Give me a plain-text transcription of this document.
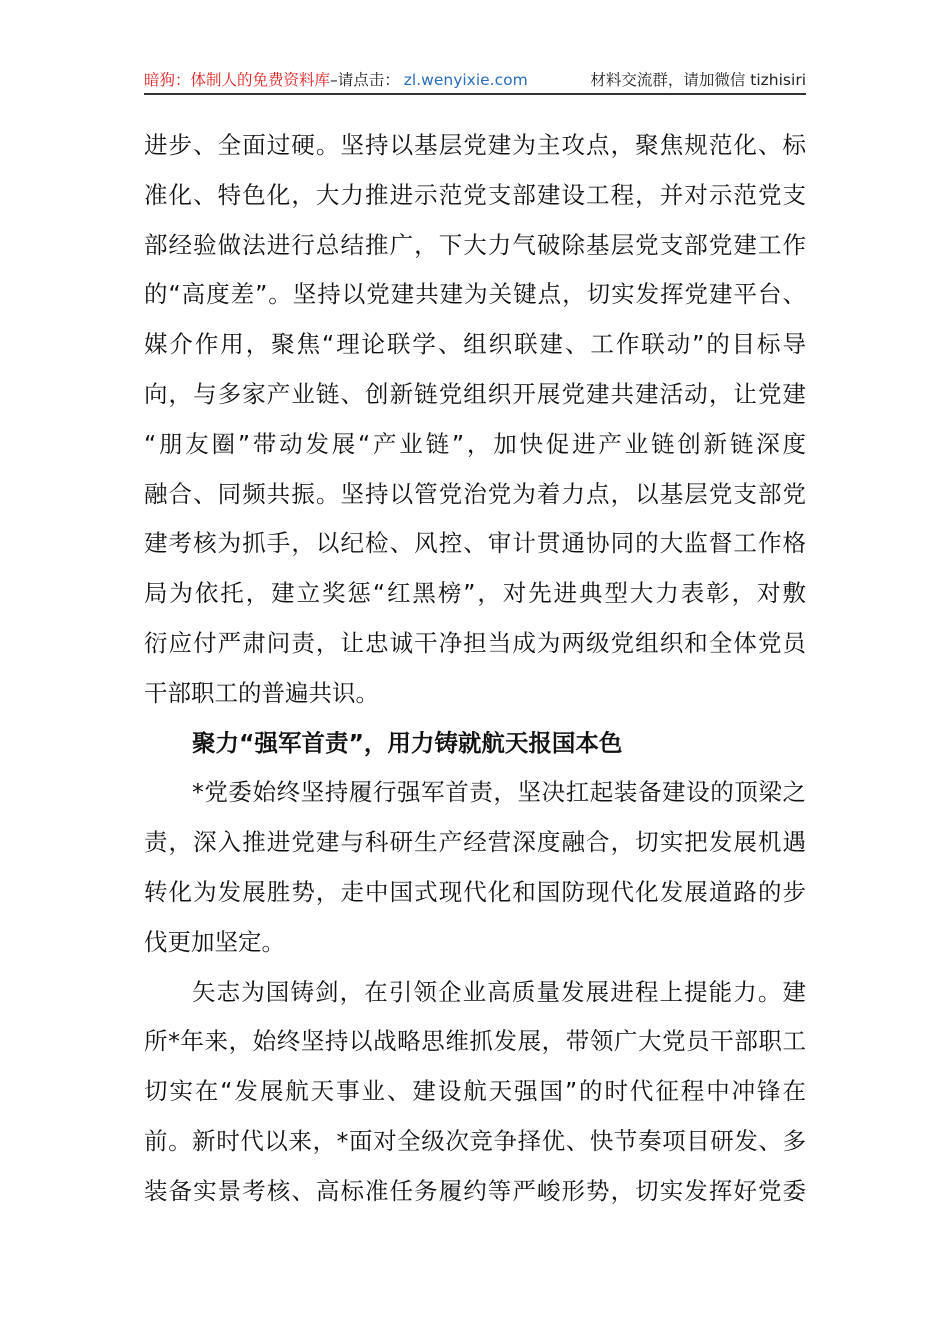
暗狗：体制人的免费资料库 –请点击： zl.wenyixie.com	材料交流群，请加微信 tizhisiri
进步、全面过硬。坚持以基层党建为主攻点，聚焦规范化、标
准化、特色化，大力推进示范党支部建设工程，并对示范党支
部经验做法进行总结推广，下大力气破除基层党支部党建工作
的“高度差”。坚持以党建共建为关键点，切实发挥党建平台、
媒介作用，聚焦“理论联学、组织联建、工作联动”的目标导
向，与多家产业链、创新链党组织开展党建共建活动，让党建
“朋友圈”带动发展“产业链”，加快促进产业链创新链深度
融合、同频共振。坚持以管党治党为着力点，以基层党支部党
建考核为抓手，以纪检、风控、审计贯通协同的大监督工作格
局为依托，建立奖惩“红黑榜”，对先进典型大力表彰，对敷
衍应付严肃问责，让忠诚干净担当成为两级党组织和全体党员
干部职工的普遍共识。
聚力“强军首责”，用力铸就航天报国本色
*党委始终坚持履行强军首责，坚决扛起装备建设的顶梁之
责，深入推进党建与科研生产经营深度融合，切实把发展机遇
转化为发展胜势，走中国式现代化和国防现代化发展道路的步
伐更加坚定。
矢志为国铸剑，在引领企业高质量发展进程上提能力。建
所*年来，始终坚持以战略思维抓发展，带领广大党员干部职工
切实在“发展航天事业、建设航天强国”的时代征程中冲锋在
前。新时代以来，*面对全级次竞争择优、快节奏项目研发、多
装备实景考核、高标准任务履约等严峻形势，切实发挥好党委
